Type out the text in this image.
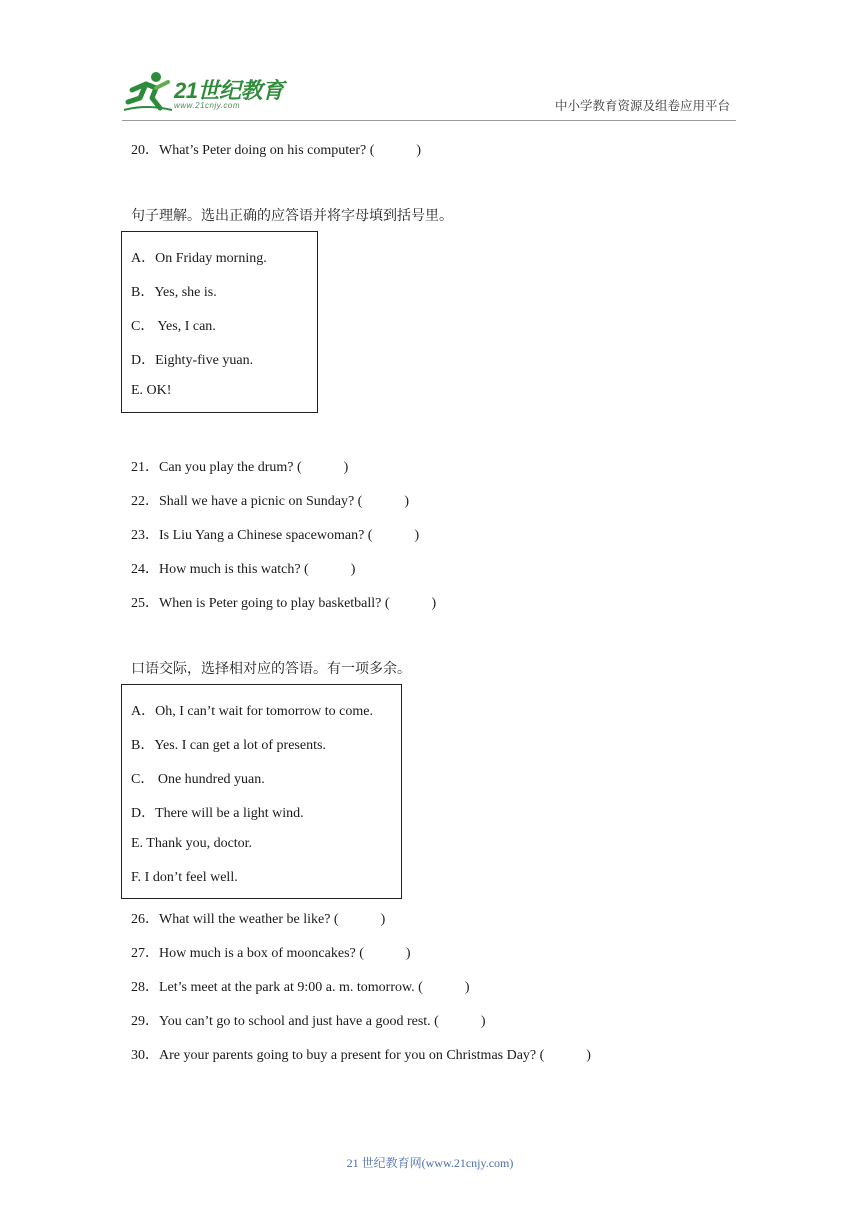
21世纪教育
www.21cnjy.com	中小学教育资源及组卷应用平台
20．What’s Peter doing on his computer? (　　　)
句子理解。选出正确的应答语并将字母填到括号里。
A．On Friday morning.
B．Yes, she is.
C． Yes, I can.
D．Eighty-five yuan.
E. OK!
21．Can you play the drum? (　　　)
22．Shall we have a picnic on Sunday? (　　　)
23．Is Liu Yang a Chinese spacewoman? (　　　)
24．How much is this watch? (　　　)
25．When is Peter going to play basketball? (　　　)
口语交际，选择相对应的答语。有一项多余。
A．Oh, I can’t wait for tomorrow to come.
B．Yes. I can get a lot of presents.
C． One hundred yuan.
D．There will be a light wind.
E. Thank you, doctor.
F. I don’t feel well.
26．What will the weather be like? (　　　)
27．How much is a box of mooncakes? (　　　)
28．Let’s meet at the park at 9:00 a. m. tomorrow. (　　　)
29．You can’t go to school and just have a good rest. (　　　)
30．Are your parents going to buy a present for you on Christmas Day? (　　　)
21 世纪教育网(www.21cnjy.com)
